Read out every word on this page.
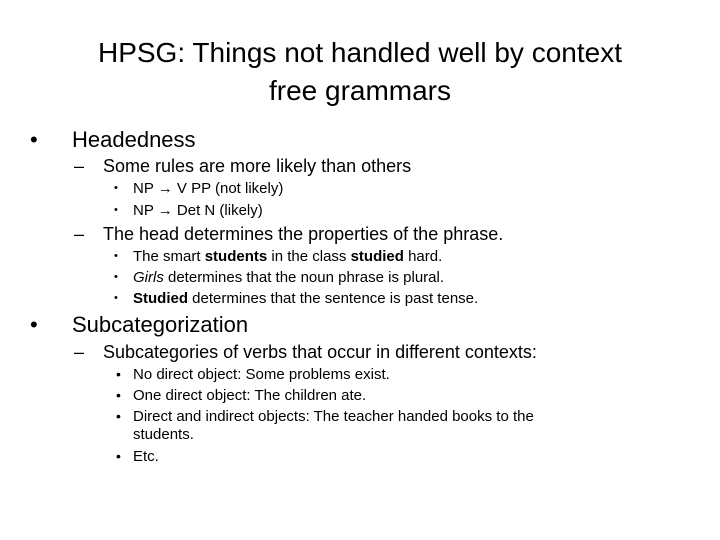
HPSG: Things not handled well by context
free grammars
• Headedness
– Some rules are more likely than others
• NP → V PP (not likely)
• NP → Det N (likely)
– The head determines the properties of the phrase.
• The smart students in the class studied hard.
• Girls determines that the noun phrase is plural.
• Studied determines that the sentence is past tense.
• Subcategorization
– Subcategories of verbs that occur in different contexts:
• No direct object: Some problems exist.
• One direct object: The children ate.
• Direct and indirect objects: The teacher handed books to the
students.
• Etc.
